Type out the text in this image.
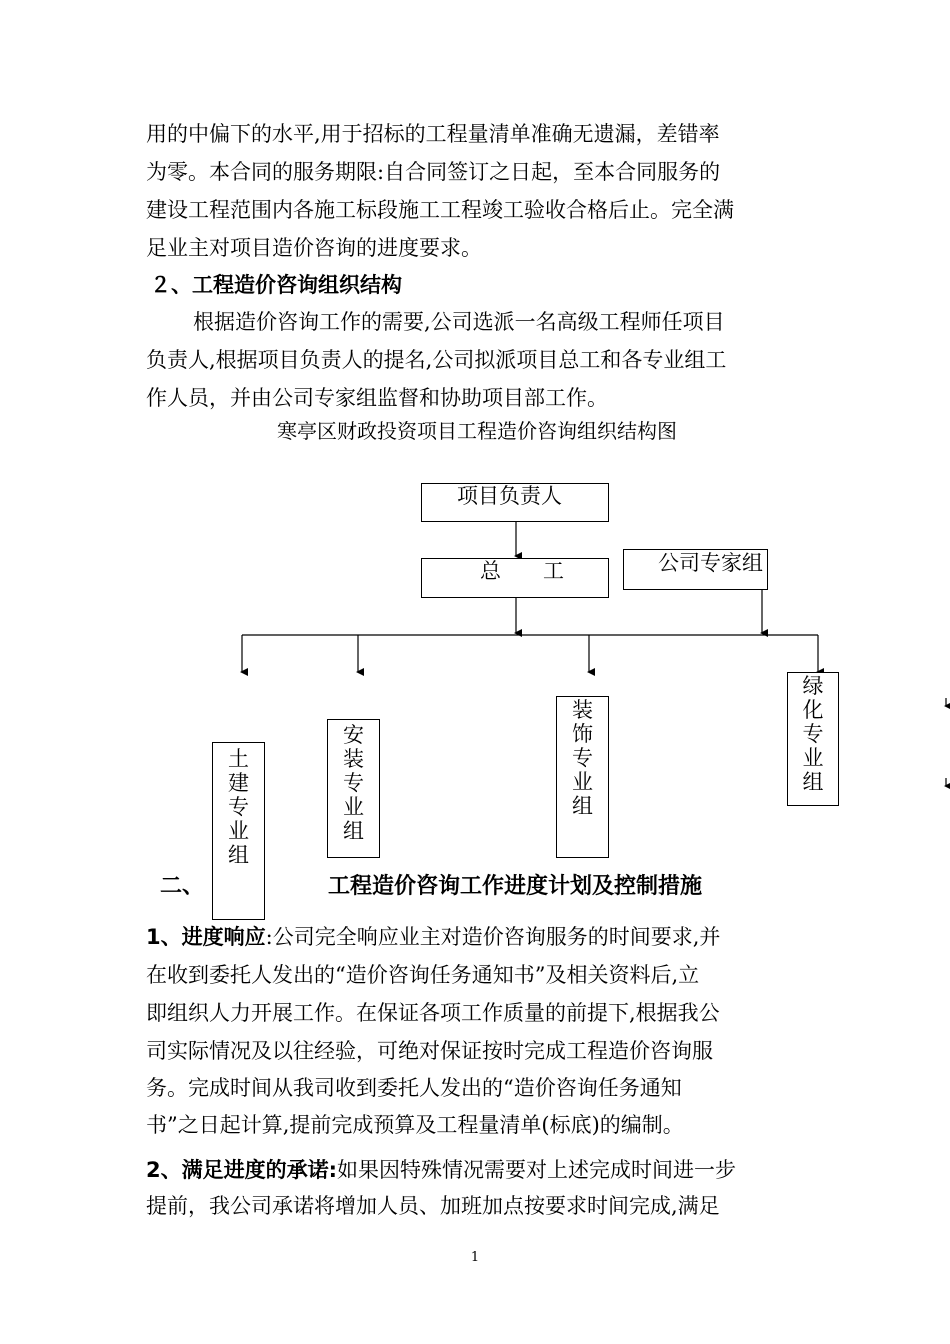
用的中偏下的水平,用于招标的工程量清单准确无遗漏，差错率
为零。本合同的服务期限:自合同签订之日起，至本合同服务的
建设工程范围内各施工标段施工工程竣工验收合格后止。完全满
足业主对项目造价咨询的进度要求。
２、工程造价咨询组织结构
根据造价咨询工作的需要,公司选派一名高级工程师任项目
负责人,根据项目负责人的提名,公司拟派项目总工和各专业组工
作人员，并由公司专家组监督和协助项目部工作。
寒亭区财政投资项目工程造价咨询组织结构图
项目负责人
总　　工	公司专家组
土建专业组
安装专业组
装饰专业组
绿化专业组
二、	工程造价咨询工作进度计划及控制措施
1、进度响应:公司完全响应业主对造价咨询服务的时间要求,并
在收到委托人发出的“造价咨询任务通知书”及相关资料后,立
即组织人力开展工作。在保证各项工作质量的前提下,根据我公
司实际情况及以往经验，可绝对保证按时完成工程造价咨询服
务。完成时间从我司收到委托人发出的“造价咨询任务通知
书”之日起计算,提前完成预算及工程量清单(标底)的编制。
2、满足进度的承诺:如果因特殊情况需要对上述完成时间进一步
提前，我公司承诺将增加人员、加班加点按要求时间完成,满足
1
